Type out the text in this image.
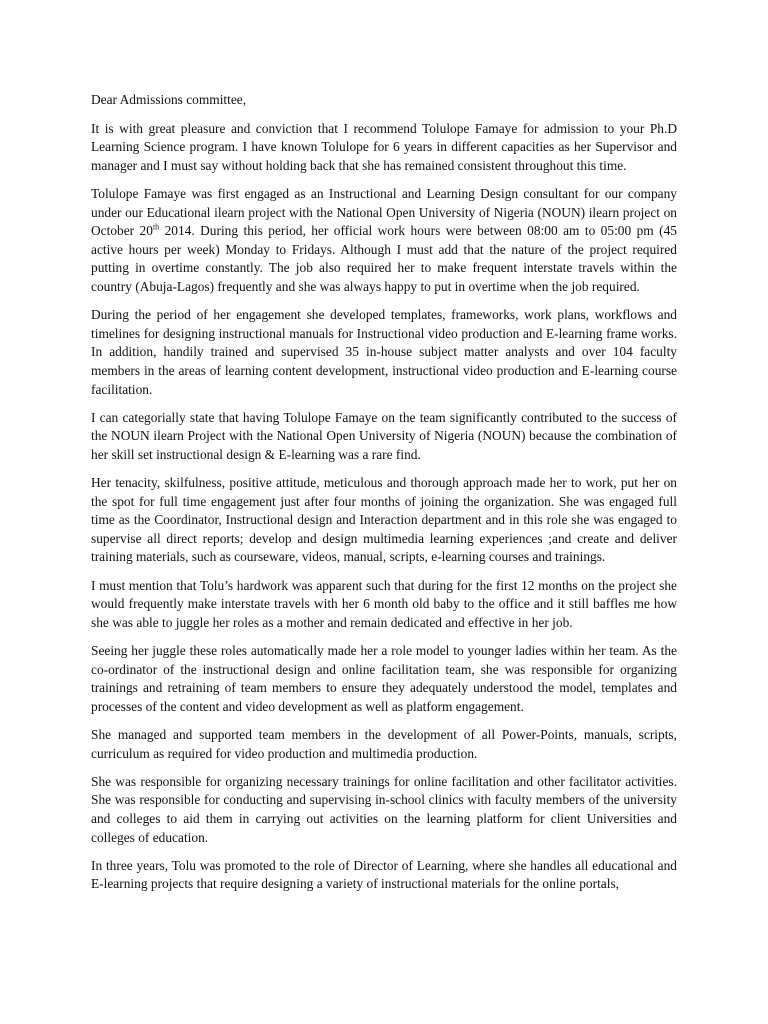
Dear Admissions committee,

It is with great pleasure and conviction that I recommend Tolulope Famaye for admission to your Ph.D Learning Science program. I have known Tolulope for 6 years in different capacities as her Supervisor and manager and I must say without holding back that she has remained consistent throughout this time.

Tolulope Famaye was first engaged as an Instructional and Learning Design consultant for our company under our Educational ilearn project with the National Open University of Nigeria (NOUN) ilearn project on October 20th 2014. During this period, her official work hours were between 08:00 am to 05:00 pm (45 active hours per week) Monday to Fridays. Although I must add that the nature of the project required putting in overtime constantly. The job also required her to make frequent interstate travels within the country (Abuja-Lagos) frequently and she was always happy to put in overtime when the job required.

During the period of her engagement she developed templates, frameworks, work plans, workflows and timelines for designing instructional manuals for Instructional video production and E-learning frame works. In addition, handily trained and supervised 35 in-house subject matter analysts and over 104 faculty members in the areas of learning content development, instructional video production and E-learning course facilitation.

I can categorially state that having Tolulope Famaye on the team significantly contributed to the success of the NOUN ilearn Project with the National Open University of Nigeria (NOUN) because the combination of her skill set instructional design & E-learning was a rare find.

Her tenacity, skilfulness, positive attitude, meticulous and thorough approach made her to work, put her on the spot for full time engagement just after four months of joining the organization. She was engaged full time as the Coordinator, Instructional design and Interaction department and in this role she was engaged to supervise all direct reports; develop and design multimedia learning experiences ;and create and deliver training materials, such as courseware, videos, manual, scripts, e-learning courses and trainings.

I must mention that Tolu’s hardwork was apparent such that during for the first 12 months on the project she would frequently make interstate travels with her 6 month old baby to the office and it still baffles me how she was able to juggle her roles as a mother and remain dedicated and effective in her job.

Seeing her juggle these roles automatically made her a role model to younger ladies within her team. As the co-ordinator of the instructional design and online facilitation team, she was responsible for organizing trainings and retraining of team members to ensure they adequately understood the model, templates and processes of the content and video development as well as platform engagement.

She managed and supported team members in the development of all Power-Points, manuals, scripts, curriculum as required for video production and multimedia production.

She was responsible for organizing necessary trainings for online facilitation and other facilitator activities. She was responsible for conducting and supervising in-school clinics with faculty members of the university and colleges to aid them in carrying out activities on the learning platform for client Universities and colleges of education.

In three years, Tolu was promoted to the role of Director of Learning, where she handles all educational and E-learning projects that require designing a variety of instructional materials for the online portals,
